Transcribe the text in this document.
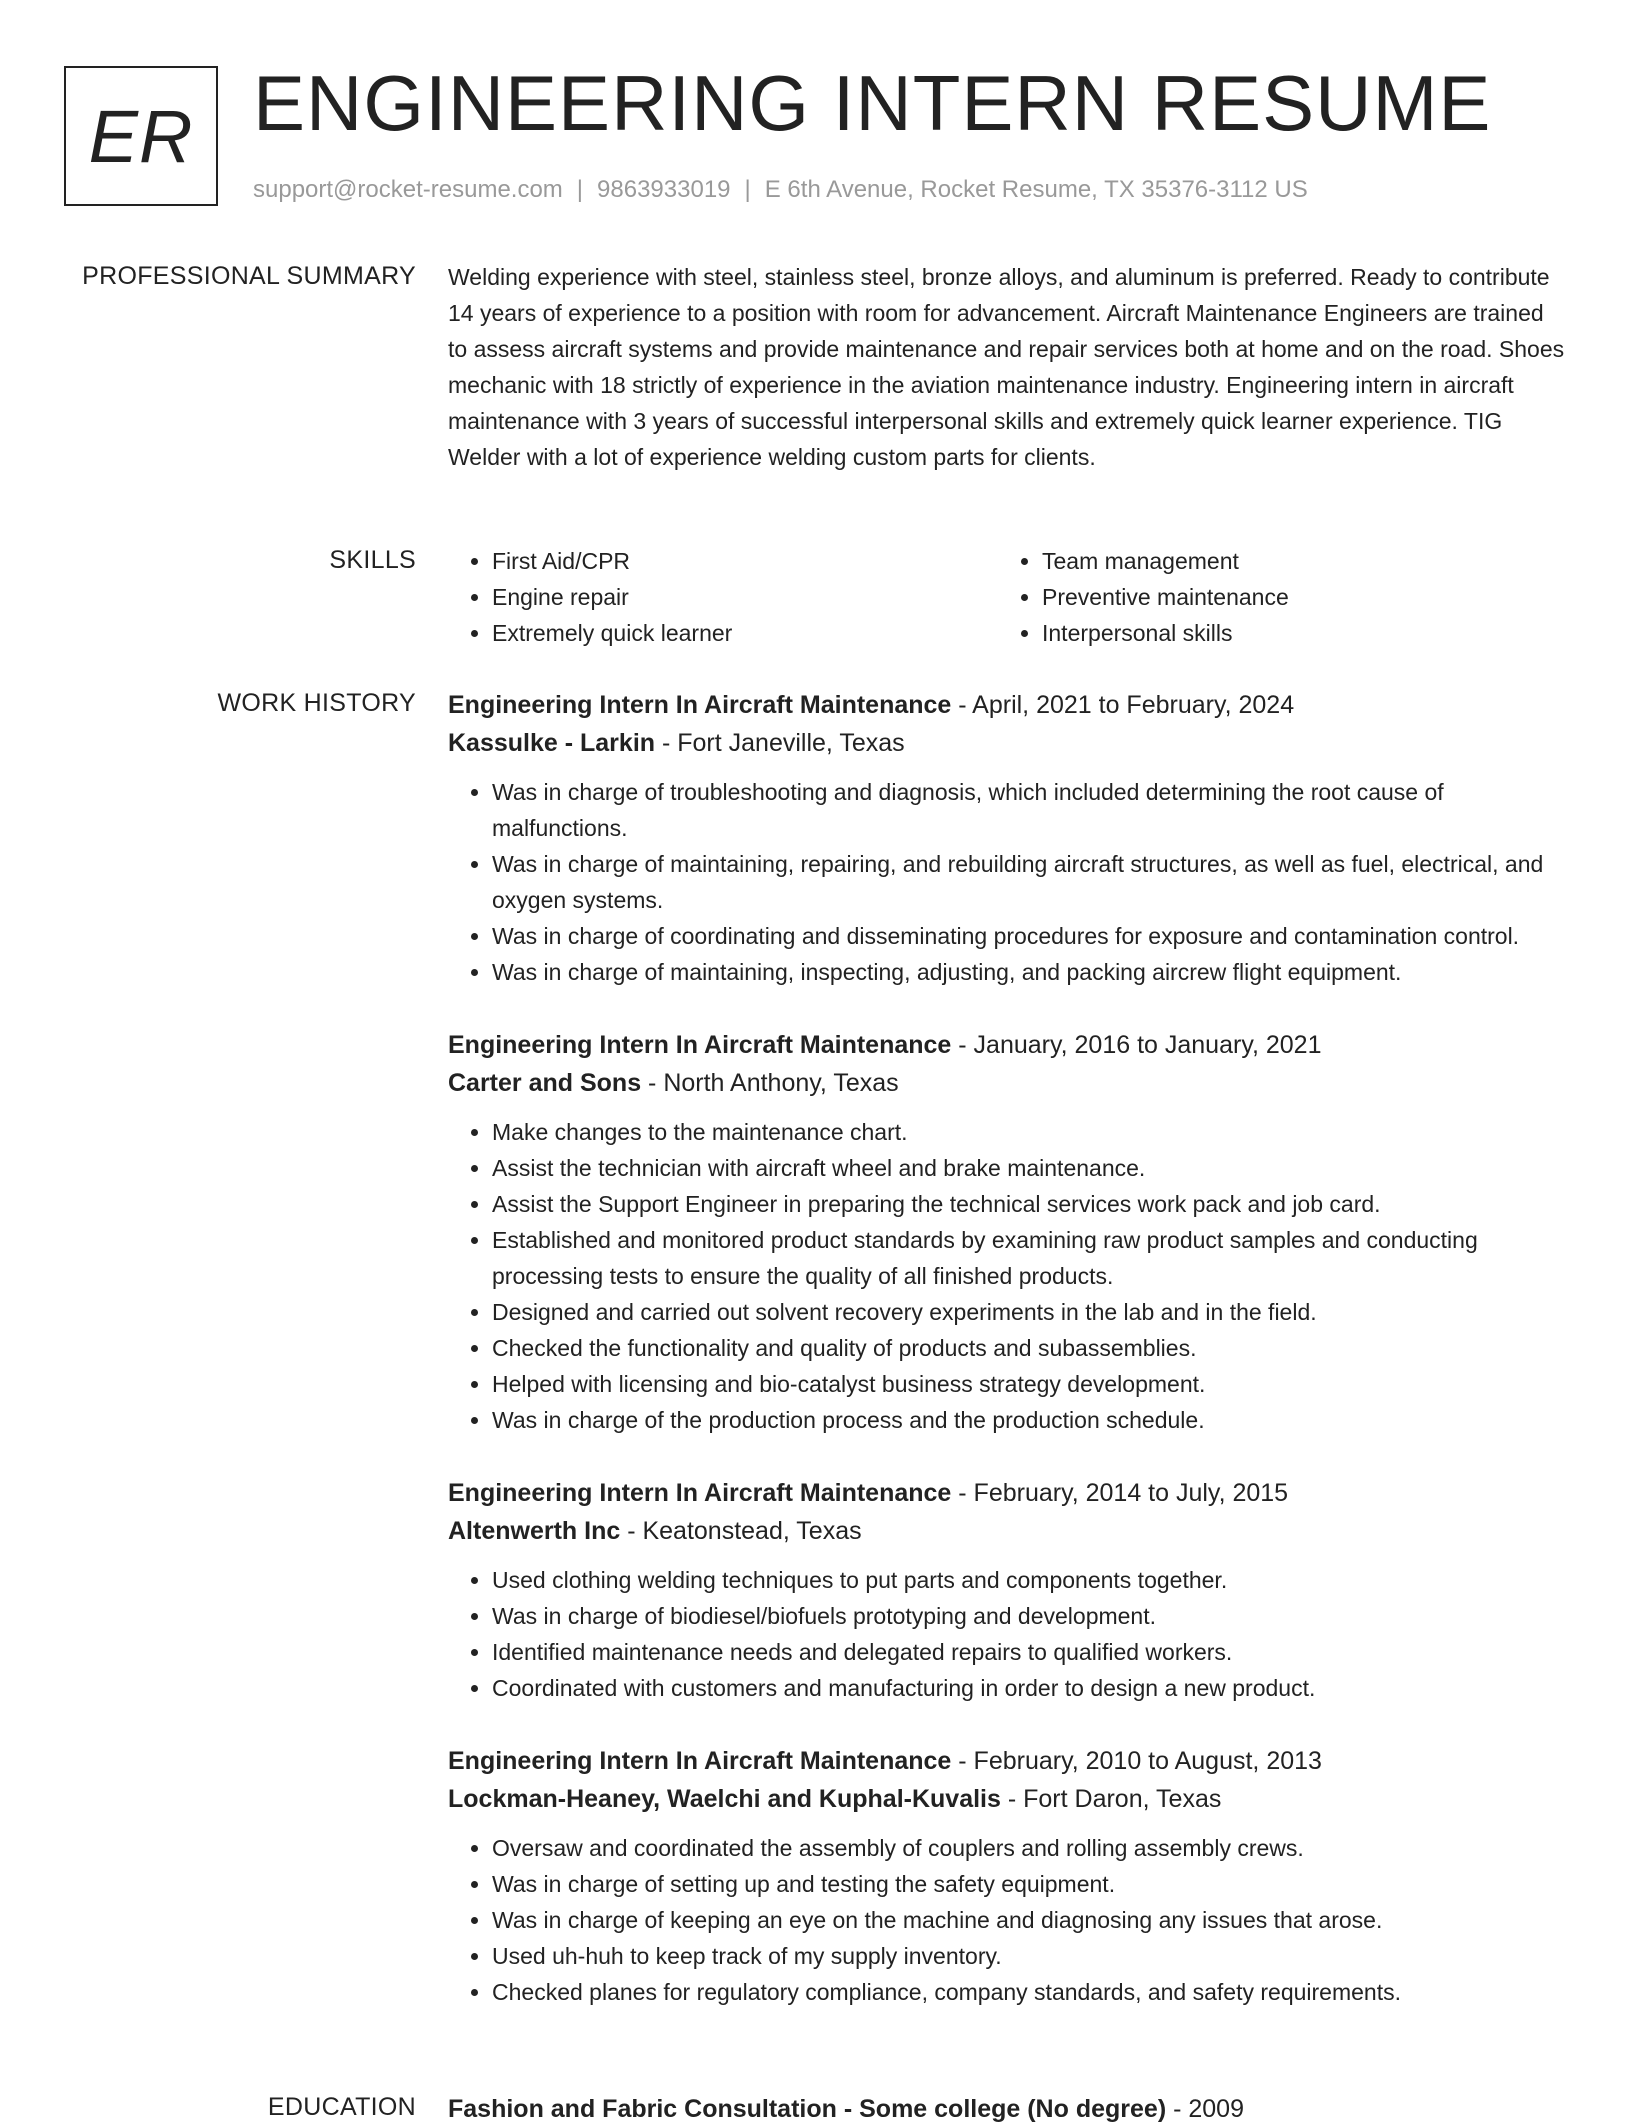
ER ENGINEERING INTERN RESUME
support@rocket-resume.com | 9863933019 | E 6th Avenue, Rocket Resume, TX 35376-3112 US
PROFESSIONAL SUMMARY Welding experience with steel, stainless steel, bronze alloys, and aluminum is preferred. Ready to contribute 14 years of experience to a position with room for advancement. Aircraft Maintenance Engineers are trained to assess aircraft systems and provide maintenance and repair services both at home and on the road. Shoes mechanic with 18 strictly of experience in the aviation maintenance industry. Engineering intern in aircraft maintenance with 3 years of successful interpersonal skills and extremely quick learner experience. TIG Welder with a lot of experience welding custom parts for clients.

SKILLS
•	First Aid/CPR
• Engine repair
• Extremely quick learner
• Team management
• Preventive maintenance
• Interpersonal skills
WORK HISTORY Engineering Intern In Aircraft Maintenance - April, 2021 to February, 2024
Kassulke - Larkin - Fort Janeville, Texas
• Was in charge of troubleshooting and diagnosis, which included determining the root cause of malfunctions.
• Was in charge of maintaining, repairing, and rebuilding aircraft structures, as well as fuel, electrical, and oxygen systems.
• Was in charge of coordinating and disseminating procedures for exposure and contamination control.
• Was in charge of maintaining, inspecting, adjusting, and packing aircrew flight equipment.
Engineering Intern In Aircraft Maintenance - January, 2016 to January, 2021
Carter and Sons - North Anthony, Texas
• Make changes to the maintenance chart.
• Assist the technician with aircraft wheel and brake maintenance.
• Assist the Support Engineer in preparing the technical services work pack and job card.
• Established and monitored product standards by examining raw product samples and conducting processing tests to ensure the quality of all finished products.
• Designed and carried out solvent recovery experiments in the lab and in the field.
• Checked the functionality and quality of products and subassemblies.
• Helped with licensing and bio-catalyst business strategy development.
• Was in charge of the production process and the production schedule.
Engineering Intern In Aircraft Maintenance - February, 2014 to July, 2015
Altenwerth Inc - Keatonstead, Texas
• Used clothing welding techniques to put parts and components together.
• Was in charge of biodiesel/biofuels prototyping and development.
• Identified maintenance needs and delegated repairs to qualified workers.
• Coordinated with customers and manufacturing in order to design a new product.
Engineering Intern In Aircraft Maintenance - February, 2010 to August, 2013
Lockman-Heaney, Waelchi and Kuphal-Kuvalis - Fort Daron, Texas
• Oversaw and coordinated the assembly of couplers and rolling assembly crews.
• Was in charge of setting up and testing the safety equipment.
• Was in charge of keeping an eye on the machine and diagnosing any issues that arose.
• Used uh-huh to keep track of my supply inventory.
• Checked planes for regulatory compliance, company standards, and safety requirements.
EDUCATION Fashion and Fabric Consultation - Some college (No degree) - 2009
